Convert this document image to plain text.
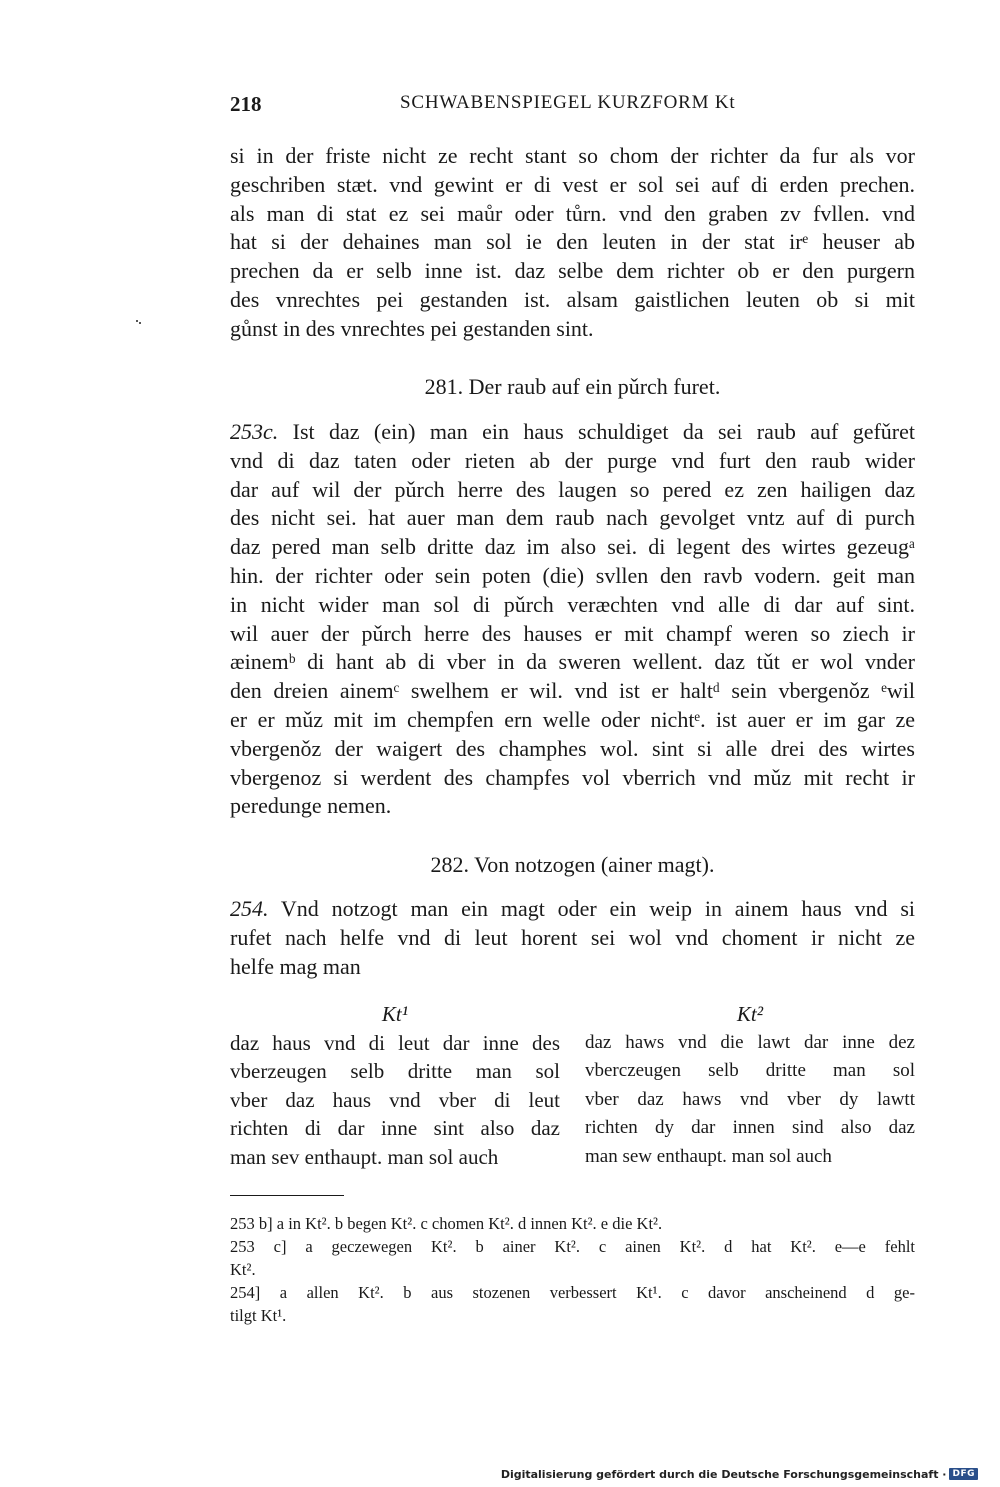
218	SCHWABENSPIEGEL KURZFORM Kt
si in der friste nicht ze recht stant so chom der richter da fur als vor
geschriben stæt. vnd gewint er di vest er sol sei auf di erden prechen.
als man di stat ez sei maůr oder tůrn. vnd den graben zv fvllen. vnd
hat si der dehaines man sol ie den leuten in der stat irᵉ heuser ab
prechen da er selb inne ist. daz selbe dem richter ob er den purgern
des vnrechtes pei gestanden ist. alsam gaistlichen leuten ob si mit
gůnst in des vnrechtes pei gestanden sint.
281. Der raub auf ein pǔrch furet.
253c. Ist daz (ein) man ein haus schuldiget da sei raub auf gefǔret
vnd di daz taten oder rieten ab der purge vnd furt den raub wider
dar auf wil der pǔrch herre des laugen so pered ez zen hailigen daz
des nicht sei. hat auer man dem raub nach gevolget vntz auf di purch
daz pered man selb dritte daz im also sei. di legent des wirtes gezeugᵃ
hin. der richter oder sein poten (die) svllen den ravb vodern. geit man
in nicht wider man sol di pǔrch veræchten vnd alle di dar auf sint.
wil auer der pǔrch herre des hauses er mit champf weren so ziech ir
æinemᵇ di hant ab di vber in da sweren wellent. daz tǔt er wol vnder
den dreien ainemᶜ swelhem er wil. vnd ist er haltᵈ sein vbergenǒz ᵉwil
er er mǔz mit im chempfen ern welle oder nichtᵉ. ist auer er im gar ze
vbergenǒz der waigert des champhes wol. sint si alle drei des wirtes
vbergenoz si werdent des champfes vol vberrich vnd mǔz mit recht ir
peredunge nemen.
282. Von notzogen (ainer magt).
254. Vnd notzogt man ein magt oder ein weip in ainem haus vnd si
rufet nach helfe vnd di leut horent sei wol vnd choment ir nicht ze
helfe mag man
Kt¹
daz haus vnd di leut dar inne des
vberzeugen selb dritte man sol
vber daz haus vnd vber di leut
richten di dar inne sint also daz
man sev enthaupt. man sol auch
Kt²
daz haws vnd die lawt dar inne dez
vberczeugen selb dritte man sol
vber daz haws vnd vber dy lawtt
richten dy dar innen sind also daz
man sew enthaupt. man sol auch
253 b] a in Kt². b begen Kt². c chomen Kt². d innen Kt². e die Kt².
253 c] a geczewegen Kt². b ainer Kt². c ainen Kt². d hat Kt². e—e fehlt
Kt².
254] a allen Kt². b aus stozenen verbessert Kt¹. c davor anscheinend d ge-
tilgt Kt¹.
Digitalisierung gefördert durch die Deutsche Forschungsgemeinschaft · DFG
